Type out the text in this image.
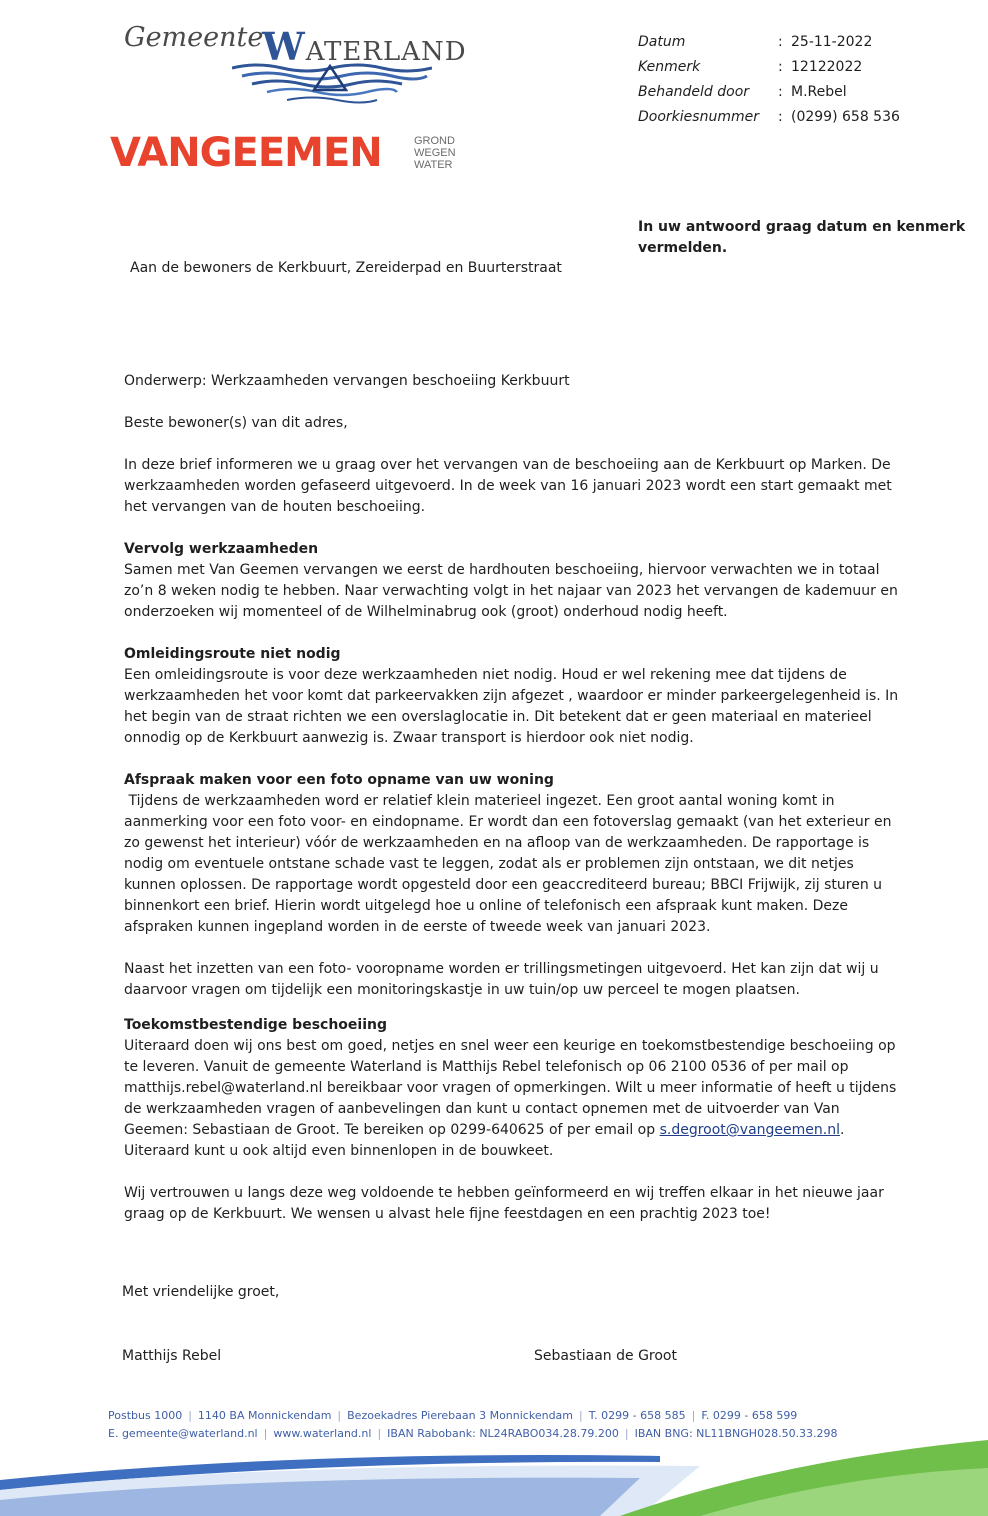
Gemeente
WATERLAND
VANGEEMEN	GROND
WEGEN
WATER
Datum	: 25-11-2022
Kenmerk	: 12122022
Behandeld door : M.Rebel
Doorkiesnummer : (0299) 658 536
In uw antwoord graag datum en kenmerk vermelden.
Aan de bewoners de Kerkbuurt, Zereiderpad en Buurterstraat

Onderwerp: Werkzaamheden vervangen beschoeiing Kerkbuurt

Beste bewoner(s) van dit adres,

In deze brief informeren we u graag over het vervangen van de beschoeiing aan de Kerkbuurt op Marken. De werkzaamheden worden gefaseerd uitgevoerd. In de week van 16 januari 2023 wordt een start gemaakt met het vervangen van de houten beschoeiing.

Vervolg werkzaamheden
Samen met Van Geemen vervangen we eerst de hardhouten beschoeiing, hiervoor verwachten we in totaal zo’n 8 weken nodig te hebben. Naar verwachting volgt in het najaar van 2023 het vervangen de kademuur en onderzoeken wij momenteel of de Wilhelminabrug ook (groot) onderhoud nodig heeft.

Omleidingsroute niet nodig
Een omleidingsroute is voor deze werkzaamheden niet nodig. Houd er wel rekening mee dat tijdens de werkzaamheden het voor komt dat parkeervakken zijn afgezet , waardoor er minder parkeergelegenheid is. In het begin van de straat richten we een overslaglocatie in. Dit betekent dat er geen materiaal en materieel onnodig op de Kerkbuurt aanwezig is. Zwaar transport is hierdoor ook niet nodig.

Afspraak maken voor een foto opname van uw woning
Tijdens de werkzaamheden word er relatief klein materieel ingezet. Een groot aantal woning komt in aanmerking voor een foto voor- en eindopname. Er wordt dan een fotoverslag gemaakt (van het exterieur en zo gewenst het interieur) vóór de werkzaamheden en na afloop van de werkzaamheden. De rapportage is nodig om eventuele ontstane schade vast te leggen, zodat als er problemen zijn ontstaan, we dit netjes kunnen oplossen. De rapportage wordt opgesteld door een geaccrediteerd bureau; BBCI Frijwijk, zij sturen u binnenkort een brief. Hierin wordt uitgelegd hoe u online of telefonisch een afspraak kunt maken. Deze afspraken kunnen ingepland worden in de eerste of tweede week van januari 2023.

Naast het inzetten van een foto- vooropname worden er trillingsmetingen uitgevoerd. Het kan zijn dat wij u daarvoor vragen om tijdelijk een monitoringskastje in uw tuin/op uw perceel te mogen plaatsen.

Toekomstbestendige beschoeiing
Uiteraard doen wij ons best om goed, netjes en snel weer een keurige en toekomstbestendige beschoeiing op te leveren. Vanuit de gemeente Waterland is Matthijs Rebel telefonisch op 06 2100 0536 of per mail op matthijs.rebel@waterland.nl bereikbaar voor vragen of opmerkingen. Wilt u meer informatie of heeft u tijdens de werkzaamheden vragen of aanbevelingen dan kunt u contact opnemen met de uitvoerder van Van Geemen: Sebastiaan de Groot. Te bereiken op 0299-640625 of per email op s.degroot@vangeemen.nl. Uiteraard kunt u ook altijd even binnenlopen in de bouwkeet.

Wij vertrouwen u langs deze weg voldoende te hebben geïnformeerd en wij treffen elkaar in het nieuwe jaar graag op de Kerkbuurt. We wensen u alvast hele fijne feestdagen en een prachtig 2023 toe!

Met vriendelijke groet,
Matthijs Rebel	Sebastiaan de Groot
Postbus 1000 | 1140 BA Monnickendam | Bezoekadres Pierebaan 3 Monnickendam | T. 0299 - 658 585 | F. 0299 - 658 599
E. gemeente@waterland.nl | www.waterland.nl | IBAN Rabobank: NL24RABO034.28.79.200 | IBAN BNG: NL11BNGH028.50.33.298
